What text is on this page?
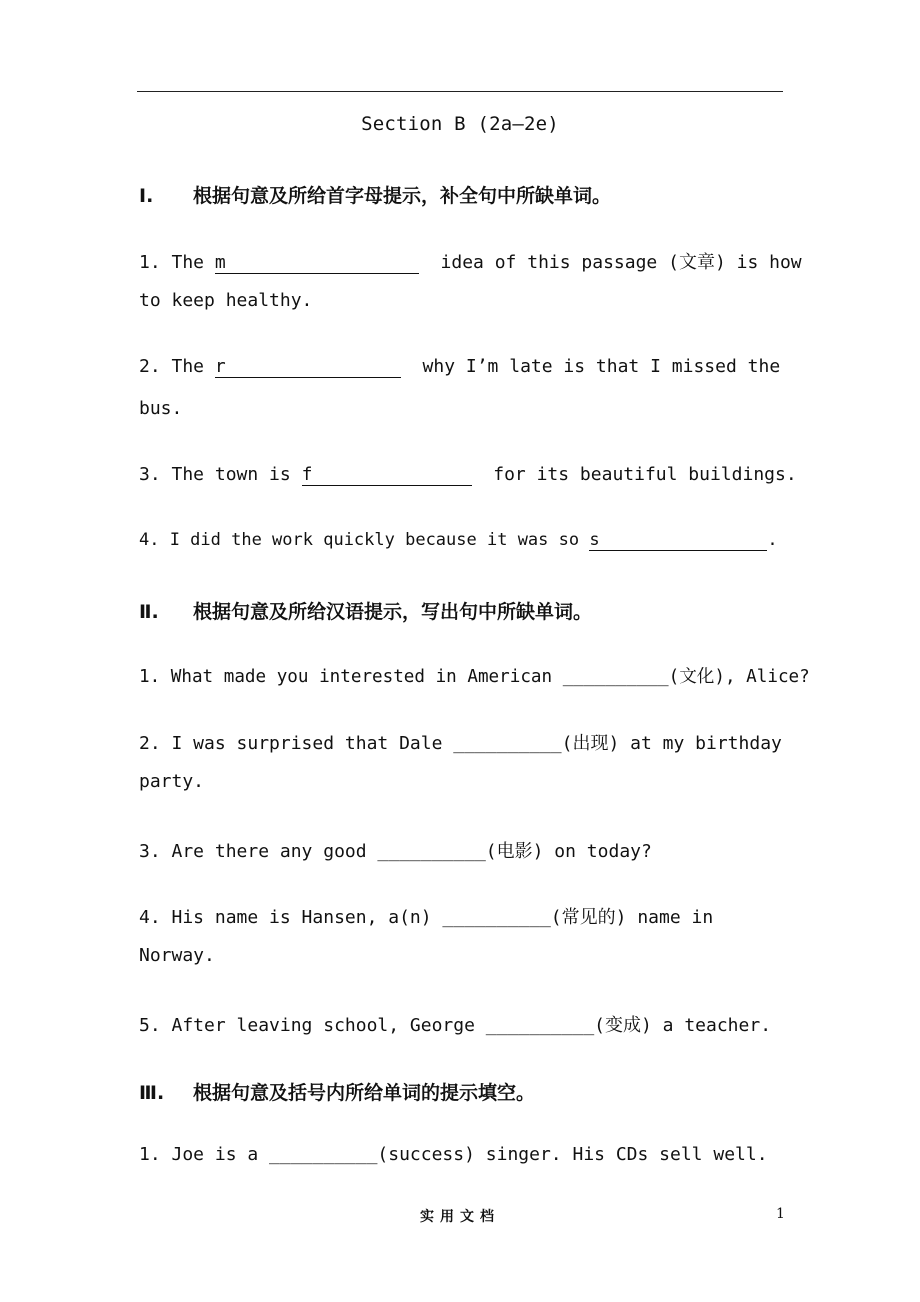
Section B (2a—2e)
Ⅰ. 根据句意及所给首字母提示，补全句中所缺单词。
1. The m	idea of this passage (文章) is how
to keep healthy.
2. The r	why I’m late is that I missed the
bus.
3. The town is f	for its beautiful buildings.
4. I did the work quickly because it was so s	.
Ⅱ. 根据句意及所给汉语提示，写出句中所缺单词。
1. What made you interested in American __________(文化), Alice?
2. I was surprised that Dale __________(出现) at my birthday
party.
3. Are there any good __________(电影) on today?
4. His name is Hansen, a(n) __________(常见的) name in
Norway.
5. After leaving school, George __________(变成) a teacher.
Ⅲ. 根据句意及括号内所给单词的提示填空。
1. Joe is a __________(success) singer. His CDs sell well.
实用文档	1
